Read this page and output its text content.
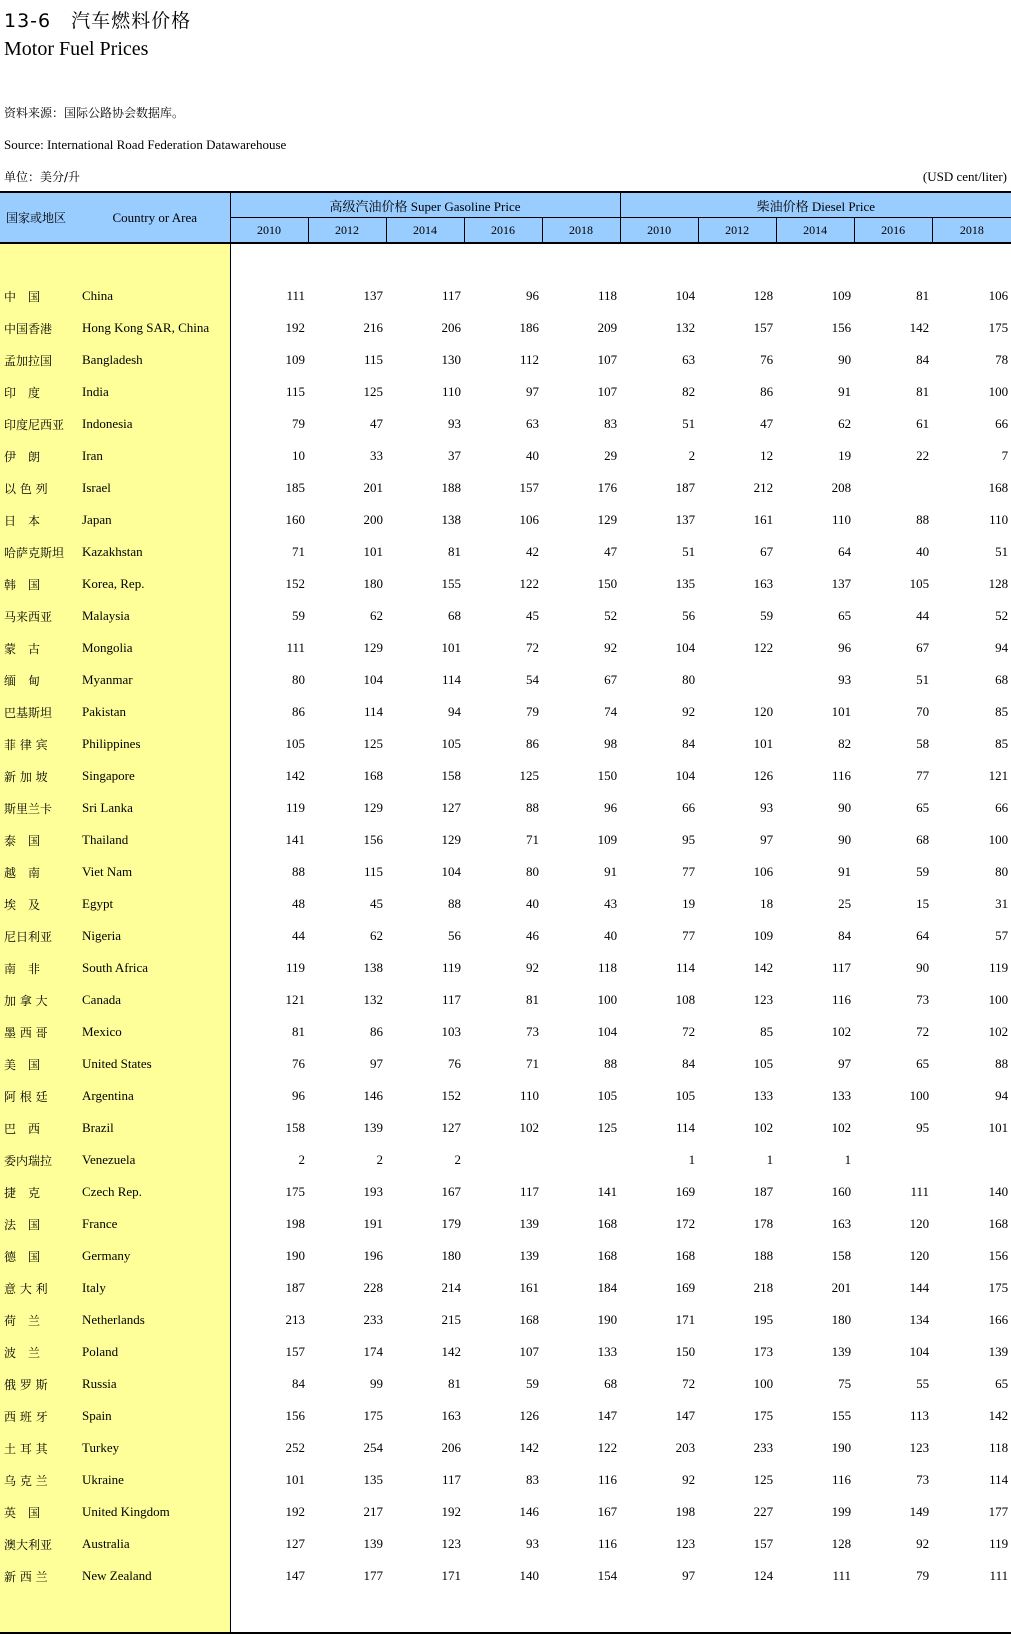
13-6　汽车燃料价格
Motor Fuel Prices
资料来源：国际公路协会数据库。
Source: International Road Federation Datawarehouse
单位：美分/升	(USD cent/liter)
国家或地区	Country or Area	高级汽油价格 Super Gasoline Price					柴油价格 Diesel Price				
		2010	2012	2014	2016	2018	2010	2012	2014	2016	2018

中　国	China	111	137	117	96	118	104	128	109	81	106
中国香港	Hong Kong SAR, China	192	216	206	186	209	132	157	156	142	175
孟加拉国	Bangladesh	109	115	130	112	107	63	76	90	84	78
印　度	India	115	125	110	97	107	82	86	91	81	100
印度尼西亚	Indonesia	79	47	93	63	83	51	47	62	61	66
伊　朗	Iran	10	33	37	40	29	2	12	19	22	7
以 色 列	Israel	185	201	188	157	176	187	212	208		168
日　本	Japan	160	200	138	106	129	137	161	110	88	110
哈萨克斯坦	Kazakhstan	71	101	81	42	47	51	67	64	40	51
韩　国	Korea, Rep.	152	180	155	122	150	135	163	137	105	128
马来西亚	Malaysia	59	62	68	45	52	56	59	65	44	52
蒙　古	Mongolia	111	129	101	72	92	104	122	96	67	94
缅　甸	Myanmar	80	104	114	54	67	80		93	51	68
巴基斯坦	Pakistan	86	114	94	79	74	92	120	101	70	85
菲 律 宾	Philippines	105	125	105	86	98	84	101	82	58	85
新 加 坡	Singapore	142	168	158	125	150	104	126	116	77	121
斯里兰卡	Sri Lanka	119	129	127	88	96	66	93	90	65	66
泰　国	Thailand	141	156	129	71	109	95	97	90	68	100
越　南	Viet Nam	88	115	104	80	91	77	106	91	59	80
埃　及	Egypt	48	45	88	40	43	19	18	25	15	31
尼日利亚	Nigeria	44	62	56	46	40	77	109	84	64	57
南　非	South Africa	119	138	119	92	118	114	142	117	90	119
加 拿 大	Canada	121	132	117	81	100	108	123	116	73	100
墨 西 哥	Mexico	81	86	103	73	104	72	85	102	72	102
美　国	United States	76	97	76	71	88	84	105	97	65	88
阿 根 廷	Argentina	96	146	152	110	105	105	133	133	100	94
巴　西	Brazil	158	139	127	102	125	114	102	102	95	101
委内瑞拉	Venezuela	2	2	2			1	1	1		
捷　克	Czech Rep.	175	193	167	117	141	169	187	160	111	140
法　国	France	198	191	179	139	168	172	178	163	120	168
德　国	Germany	190	196	180	139	168	168	188	158	120	156
意 大 利	Italy	187	228	214	161	184	169	218	201	144	175
荷　兰	Netherlands	213	233	215	168	190	171	195	180	134	166
波　兰	Poland	157	174	142	107	133	150	173	139	104	139
俄 罗 斯	Russia	84	99	81	59	68	72	100	75	55	65
西 班 牙	Spain	156	175	163	126	147	147	175	155	113	142
土 耳 其	Turkey	252	254	206	142	122	203	233	190	123	118
乌 克 兰	Ukraine	101	135	117	83	116	92	125	116	73	114
英　国	United Kingdom	192	217	192	146	167	198	227	199	149	177
澳大利亚	Australia	127	139	123	93	116	123	157	128	92	119
新 西 兰	New Zealand	147	177	171	140	154	97	124	111	79	111
